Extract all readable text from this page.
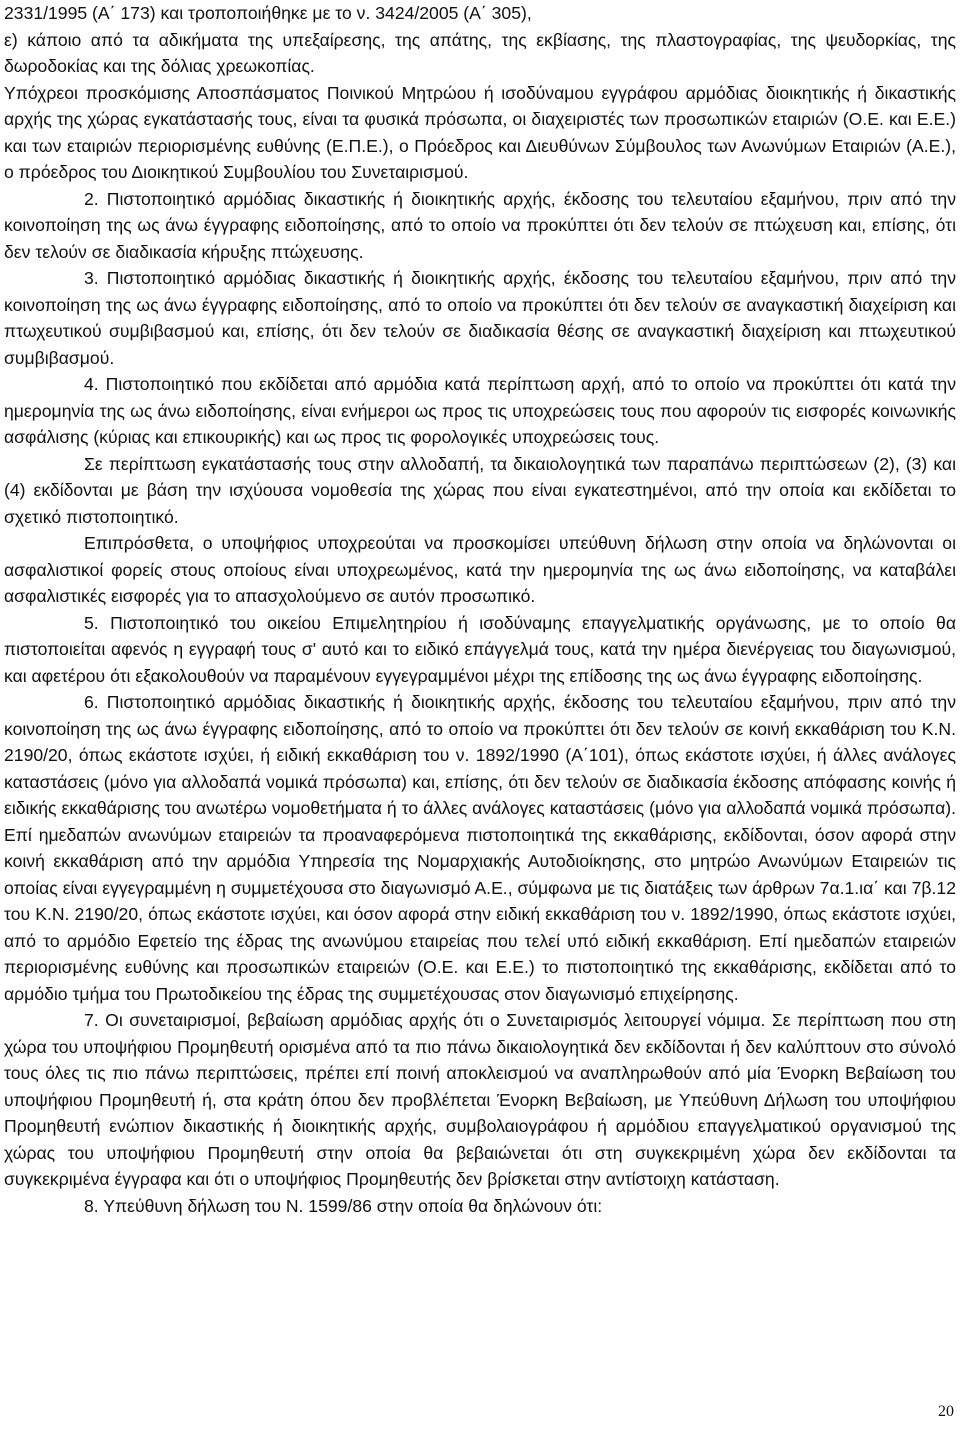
2331/1995 (Α΄ 173) και τροποποιήθηκε με το ν. 3424/2005 (Α΄ 305),

ε) κάποιο από τα αδικήματα της υπεξαίρεσης, της απάτης, της εκβίασης, της πλαστογραφίας, της ψευδορκίας, της δωροδοκίας και της δόλιας χρεωκοπίας.

Υπόχρεοι προσκόμισης Αποσπάσματος Ποινικού Μητρώου ή ισοδύναμου εγγράφου αρμόδιας διοικητικής ή δικαστικής αρχής της χώρας εγκατάστασής τους, είναι τα φυσικά πρόσωπα, οι διαχειριστές των προσωπικών εταιριών (Ο.Ε. και Ε.Ε.) και των εταιριών περιορισμένης ευθύνης (Ε.Π.Ε.), ο Πρόεδρος και Διευθύνων Σύμβουλος των Ανωνύμων Εταιριών (Α.Ε.), ο πρόεδρος του Διοικητικού Συμβουλίου του Συνεταιρισμού.

2. Πιστοποιητικό αρμόδιας δικαστικής ή διοικητικής αρχής, έκδοσης του τελευταίου εξαμήνου, πριν από την κοινοποίηση της ως άνω έγγραφης ειδοποίησης, από το οποίο να προκύπτει ότι δεν τελούν σε πτώχευση και, επίσης, ότι δεν τελούν σε διαδικασία κήρυξης πτώχευσης.

3. Πιστοποιητικό αρμόδιας δικαστικής ή διοικητικής αρχής, έκδοσης του τελευταίου εξαμήνου, πριν από την κοινοποίηση της ως άνω έγγραφης ειδοποίησης, από το οποίο να προκύπτει ότι δεν τελούν σε αναγκαστική διαχείριση και πτωχευτικού συμβιβασμού και, επίσης, ότι δεν τελούν σε διαδικασία θέσης σε αναγκαστική διαχείριση και πτωχευτικού συμβιβασμού.

4. Πιστοποιητικό που εκδίδεται από αρμόδια κατά περίπτωση αρχή, από το οποίο να προκύπτει ότι κατά την ημερομηνία της ως άνω ειδοποίησης, είναι ενήμεροι ως προς τις υποχρεώσεις τους που αφορούν τις εισφορές κοινωνικής ασφάλισης (κύριας και επικουρικής) και ως προς τις φορολογικές υποχρεώσεις τους.

Σε περίπτωση εγκατάστασής τους στην αλλοδαπή, τα δικαιολογητικά των παραπάνω περιπτώσεων (2), (3) και (4) εκδίδονται με βάση την ισχύουσα νομοθεσία της χώρας που είναι εγκατεστημένοι, από την οποία και εκδίδεται το σχετικό πιστοποιητικό.

Επιπρόσθετα, ο υποψήφιος υποχρεούται να προσκομίσει υπεύθυνη δήλωση στην οποία να δηλώνονται οι ασφαλιστικοί φορείς στους οποίους είναι υποχρεωμένος, κατά την ημερομηνία της ως άνω ειδοποίησης, να καταβάλει ασφαλιστικές εισφορές για το απασχολούμενο σε αυτόν προσωπικό.

5. Πιστοποιητικό του οικείου Επιμελητηρίου ή ισοδύναμης επαγγελματικής οργάνωσης, με το οποίο θα πιστοποιείται αφενός η εγγραφή τους σ' αυτό και το ειδικό επάγγελμά τους, κατά την ημέρα διενέργειας του διαγωνισμού, και αφετέρου ότι εξακολουθούν να παραμένουν εγγεγραμμένοι μέχρι της επίδοσης της ως άνω έγγραφης ειδοποίησης.

6. Πιστοποιητικό αρμόδιας δικαστικής ή διοικητικής αρχής, έκδοσης του τελευταίου εξαμήνου, πριν από την κοινοποίηση της ως άνω έγγραφης ειδοποίησης, από το οποίο να προκύπτει ότι δεν τελούν σε κοινή εκκαθάριση του Κ.Ν. 2190/20, όπως εκάστοτε ισχύει, ή ειδική εκκαθάριση του ν. 1892/1990 (Α΄101), όπως εκάστοτε ισχύει, ή άλλες ανάλογες καταστάσεις (μόνο για αλλοδαπά νομικά πρόσωπα) και, επίσης, ότι δεν τελούν σε διαδικασία έκδοσης απόφασης κοινής ή ειδικής εκκαθάρισης του ανωτέρω νομοθετήματα ή το άλλες ανάλογες καταστάσεις (μόνο για αλλοδαπά νομικά πρόσωπα). Επί ημεδαπών ανωνύμων εταιρειών τα προαναφερόμενα πιστοποιητικά της εκκαθάρισης, εκδίδονται, όσον αφορά στην κοινή εκκαθάριση από την αρμόδια Υπηρεσία της Νομαρχιακής Αυτοδιοίκησης, στο μητρώο Ανωνύμων Εταιρειών τις οποίας είναι εγγεγραμμένη η συμμετέχουσα στο διαγωνισμό Α.Ε., σύμφωνα με τις διατάξεις των άρθρων 7α.1.ια΄ και 7β.12 του Κ.Ν. 2190/20, όπως εκάστοτε ισχύει, και όσον αφορά στην ειδική εκκαθάριση του ν. 1892/1990, όπως εκάστοτε ισχύει, από το αρμόδιο Εφετείο της έδρας της ανωνύμου εταιρείας που τελεί υπό ειδική εκκαθάριση. Επί ημεδαπών εταιρειών περιορισμένης ευθύνης και προσωπικών εταιρειών (Ο.Ε. και Ε.Ε.) το πιστοποιητικό της εκκαθάρισης, εκδίδεται από το αρμόδιο τμήμα του Πρωτοδικείου της έδρας της συμμετέχουσας στον διαγωνισμό επιχείρησης.

7. Οι συνεταιρισμοί, βεβαίωση αρμόδιας αρχής ότι ο Συνεταιρισμός λειτουργεί νόμιμα. Σε περίπτωση που στη χώρα του υποψήφιου Προμηθευτή ορισμένα από τα πιο πάνω δικαιολογητικά δεν εκδίδονται ή δεν καλύπτουν στο σύνολό τους όλες τις πιο πάνω περιπτώσεις, πρέπει επί ποινή αποκλεισμού να αναπληρωθούν από μία Ένορκη Βεβαίωση του υποψήφιου Προμηθευτή ή, στα κράτη όπου δεν προβλέπεται Ένορκη Βεβαίωση, με Υπεύθυνη Δήλωση του υποψήφιου Προμηθευτή ενώπιον δικαστικής ή διοικητικής αρχής, συμβολαιογράφου ή αρμόδιου επαγγελματικού οργανισμού της χώρας του υποψήφιου Προμηθευτή στην οποία θα βεβαιώνεται ότι στη συγκεκριμένη χώρα δεν εκδίδονται τα συγκεκριμένα έγγραφα και ότι ο υποψήφιος Προμηθευτής δεν βρίσκεται στην αντίστοιχη κατάσταση.

8. Υπεύθυνη δήλωση του Ν. 1599/86 στην οποία θα δηλώνουν ότι:

20
